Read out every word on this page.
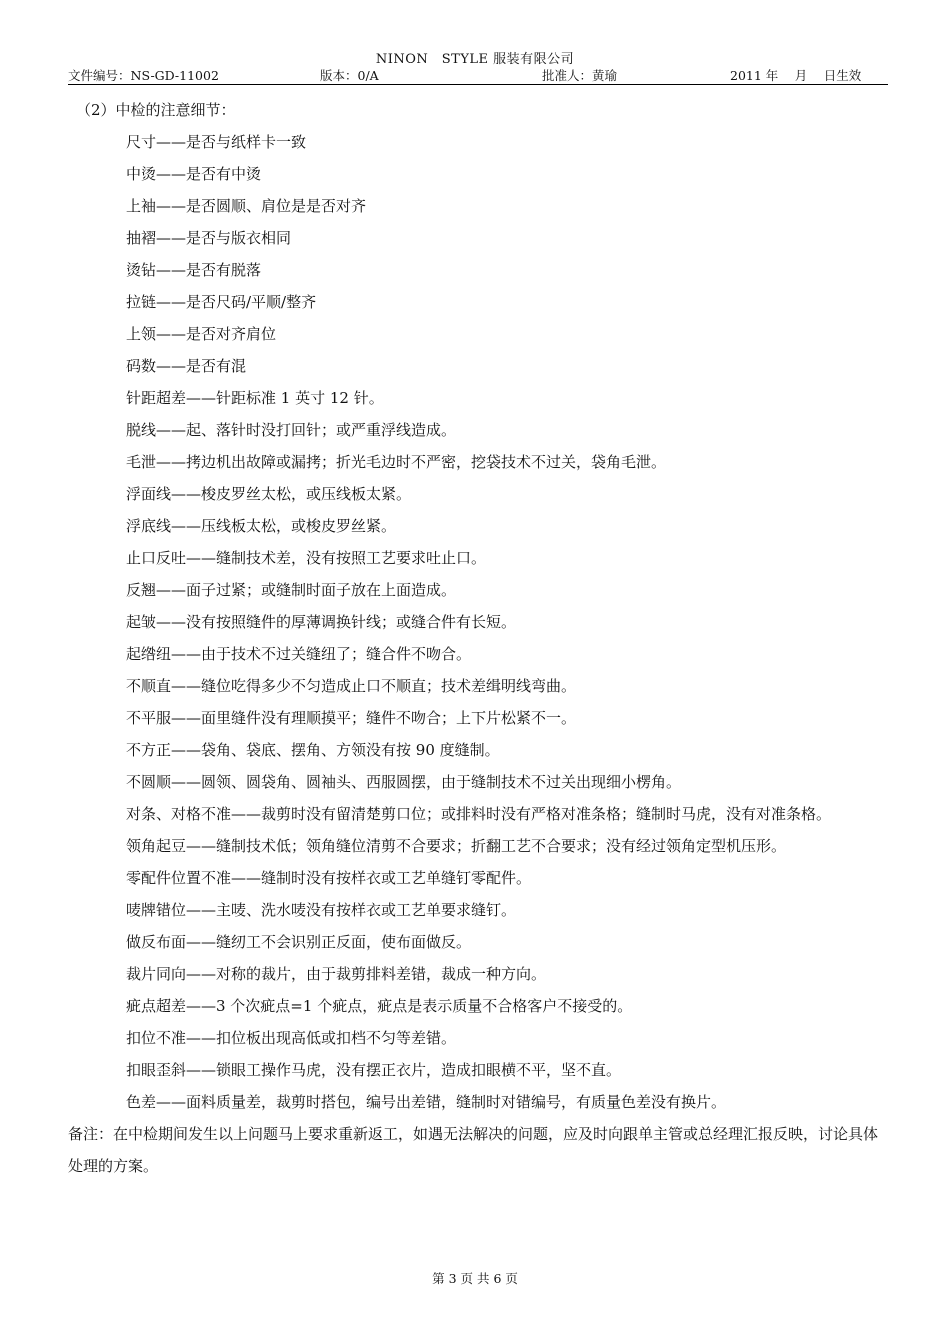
NINON　STYLE 服装有限公司
文件编号：NS-GD-11002	版本：0/A	批准人：黄瑜	2011 年　 月　 日生效

（2）中检的注意细节：

尺寸——是否与纸样卡一致
中烫——是否有中烫
上袖——是否圆顺、肩位是是否对齐
抽褶——是否与版衣相同
烫钻——是否有脱落
拉链——是否尺码/平顺/整齐
上领——是否对齐肩位
码数——是否有混
针距超差——针距标准 1 英寸 12 针。
脱线——起、落针时没打回针；或严重浮线造成。
毛泄——拷边机出故障或漏拷；折光毛边时不严密，挖袋技术不过关，袋角毛泄。
浮面线——梭皮罗丝太松，或压线板太紧。
浮底线——压线板太松，或梭皮罗丝紧。
止口反吐——缝制技术差，没有按照工艺要求吐止口。
反翘——面子过紧；或缝制时面子放在上面造成。
起皱——没有按照缝件的厚薄调换针线；或缝合件有长短。
起绺纽——由于技术不过关缝纽了；缝合件不吻合。
不顺直——缝位吃得多少不匀造成止口不顺直；技术差缉明线弯曲。
不平服——面里缝件没有理顺摸平；缝件不吻合；上下片松紧不一。
不方正——袋角、袋底、摆角、方领没有按 90 度缝制。
不圆顺——圆领、圆袋角、圆袖头、西服圆摆，由于缝制技术不过关出现细小楞角。
对条、对格不准——裁剪时没有留清楚剪口位；或排料时没有严格对准条格；缝制时马虎，没有对准条格。
领角起豆——缝制技术低；领角缝位清剪不合要求；折翻工艺不合要求；没有经过领角定型机压形。
零配件位置不准——缝制时没有按样衣或工艺单缝钉零配件。
唛牌错位——主唛、洗水唛没有按样衣或工艺单要求缝钉。
做反布面——缝纫工不会识别正反面，使布面做反。
裁片同向——对称的裁片，由于裁剪排料差错，裁成一种方向。
疵点超差——3 个次疵点=1 个疵点，疵点是表示质量不合格客户不接受的。
扣位不准——扣位板出现高低或扣档不匀等差错。
扣眼歪斜——锁眼工操作马虎，没有摆正衣片，造成扣眼横不平，坚不直。
色差——面料质量差，裁剪时搭包，编号出差错，缝制时对错编号，有质量色差没有换片。

备注：在中检期间发生以上问题马上要求重新返工，如遇无法解决的问题，应及时向跟单主管或总经理汇报反映，讨论具体处理的方案。

第 3 页 共 6 页
